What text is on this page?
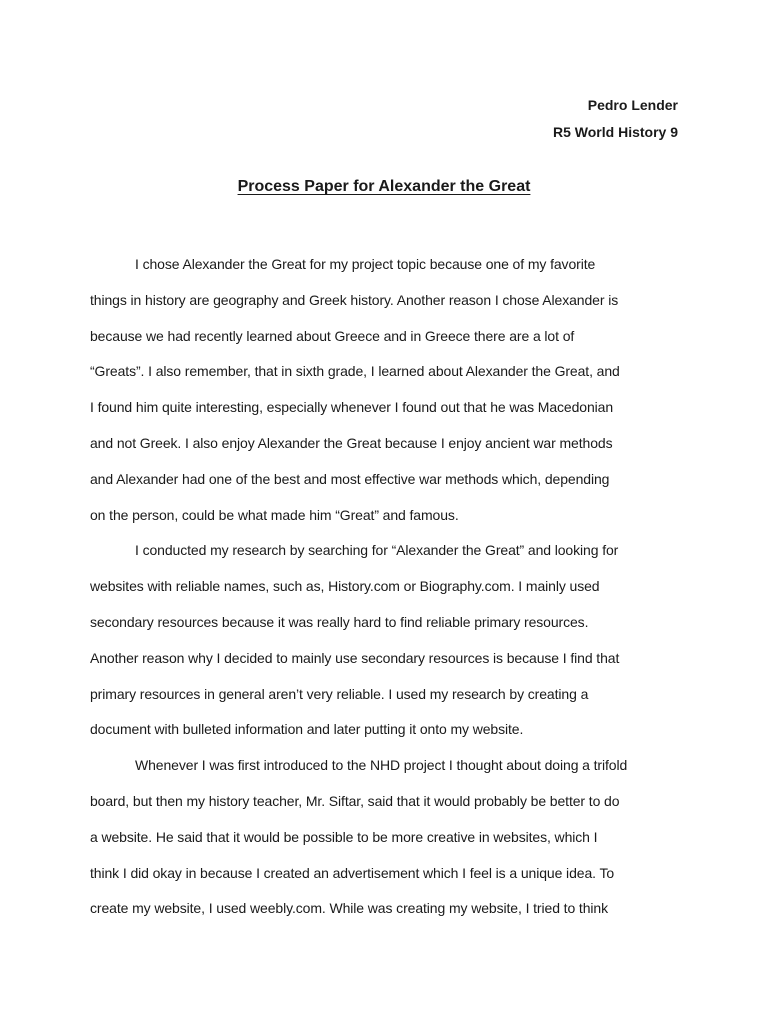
Pedro Lender
R5 World History 9
Process Paper for Alexander the Great
I chose Alexander the Great for my project topic because one of my favorite
things in history are geography and Greek history. Another reason I chose Alexander is
because we had recently learned about Greece and in Greece there are a lot of
“Greats”. I also remember, that in sixth grade, I learned about Alexander the Great, and
I found him quite interesting, especially whenever I found out that he was Macedonian
and not Greek. I also enjoy Alexander the Great because I enjoy ancient war methods
and Alexander had one of the best and most effective war methods which, depending
on the person, could be what made him “Great” and famous.
I conducted my research by searching for “Alexander the Great” and looking for
websites with reliable names, such as, History.com or Biography.com. I mainly used
secondary resources because it was really hard to find reliable primary resources.
Another reason why I decided to mainly use secondary resources is because I find that
primary resources in general aren’t very reliable. I used my research by creating a
document with bulleted information and later putting it onto my website.
Whenever I was first introduced to the NHD project I thought about doing a trifold
board, but then my history teacher, Mr. Siftar, said that it would probably be better to do
a website. He said that it would be possible to be more creative in websites, which I
think I did okay in because I created an advertisement which I feel is a unique idea. To
create my website, I used weebly.com. While was creating my website, I tried to think
